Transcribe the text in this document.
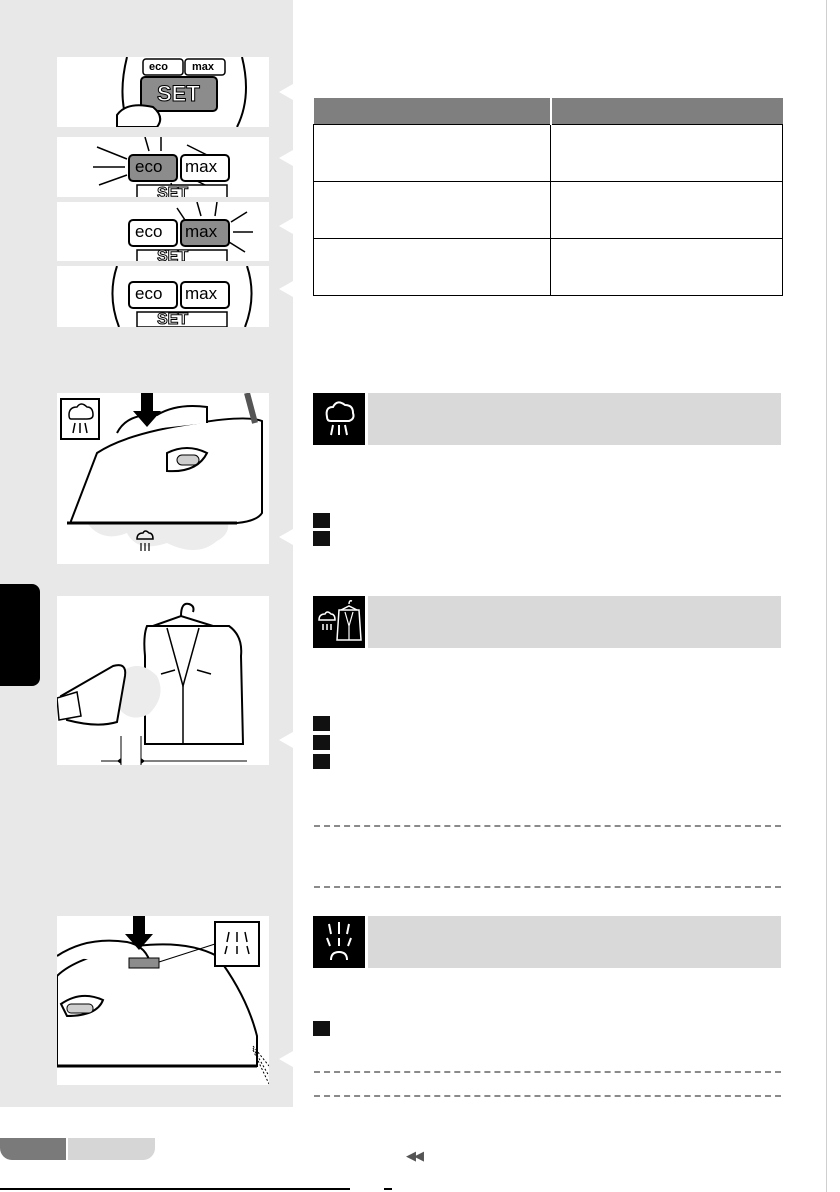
eco max
SET
eco max
SET
eco max
SET
eco max
SET

◀◀
